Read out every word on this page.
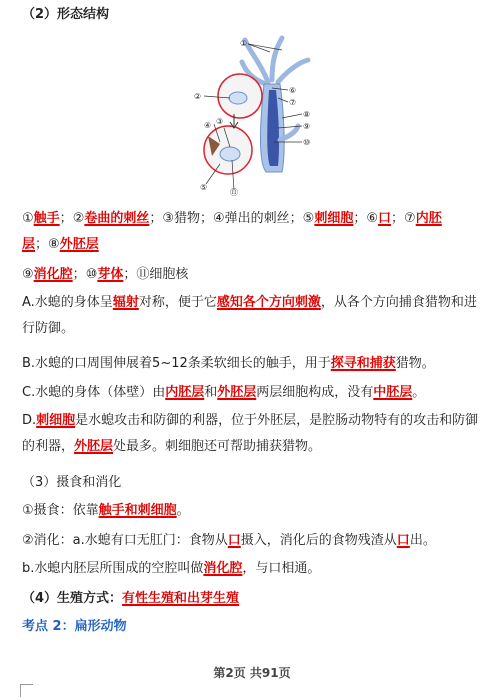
（2）形态结构
①
②
③
④
⑤
⑥
⑦
⑧
⑨
⑩
⑪
①触手；②卷曲的刺丝；③猎物；④弹出的刺丝；⑤刺细胞；⑥口；⑦内胚
层；⑧外胚层
⑨消化腔；⑩芽体；⑪细胞核
A.水螅的身体呈辐射对称，便于它感知各个方向刺激，从各个方向捕食猎物和进行防御。
B.水螅的口周围伸展着5~12条柔软细长的触手，用于探寻和捕获猎物。
C.水螅的身体（体壁）由内胚层和外胚层两层细胞构成，没有中胚层。
D.刺细胞是水螅攻击和防御的利器，位于外胚层，是腔肠动物特有的攻击和防御的利器，外胚层处最多。刺细胞还可帮助捕获猎物。
（3）摄食和消化
①摄食：依靠触手和刺细胞。
②消化：a.水螅有口无肛门：食物从口摄入，消化后的食物残渣从口出。
b.水螅内胚层所围成的空腔叫做消化腔，与口相通。
（4）生殖方式：有性生殖和出芽生殖
考点 2：扁形动物
第2页 共91页
